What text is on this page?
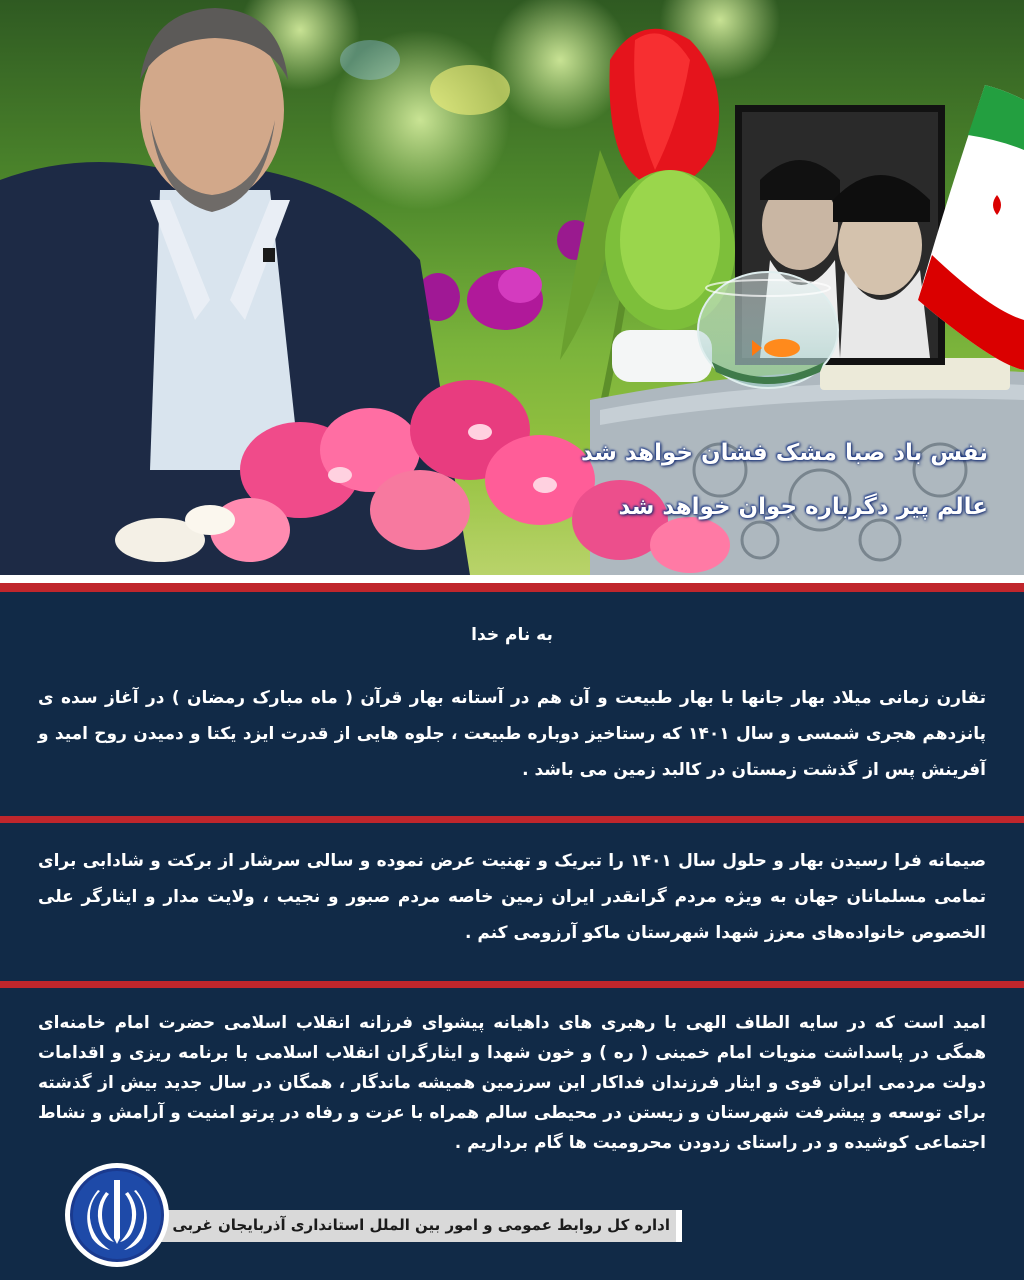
نفس باد صبا مشک فشان خواهد شد
عالم پیر دگرباره جوان خواهد شد
به نام خدا
تقارن زمانی میلاد بهار جانها با بهار طبیعت و آن هم در آستانه بهار قرآن ( ماه مبارک رمضان ) در آغاز سده ی پانزدهم هجری شمسی و سال ۱۴۰۱ که رستاخیز دوباره طبیعت ، جلوه هایی از قدرت ایزد یکتا و دمیدن روح امید و آفرینش پس از گذشت زمستان در کالبد زمین می باشد .
صیمانه فرا رسیدن بهار و حلول سال ۱۴۰۱ را تبریک و تهنیت عرض نموده و سالی سرشار از برکت و شادابی برای تمامی مسلمانان جهان به ویژه مردم گرانقدر ایران زمین خاصه مردم صبور و نجیب ، ولایت مدار و ایثارگر علی الخصوص خانواده‌های معزز شهدا شهرستان ماکو آرزومی کنم .
امید است که در سایه الطاف الهی با رهبری های داهیانه پیشوای فرزانه انقلاب اسلامی حضرت امام خامنه‌ای همگی در پاسداشت منویات امام خمینی ( ره ) و خون شهدا و ایثارگران انقلاب اسلامی با برنامه ریزی و اقدامات دولت مردمی ایران قوی و ایثار فرزندان فداکار این سرزمین همیشه ماندگار ، همگان در سال جدید بیش از گذشته برای توسعه و پیشرفت شهرستان و زیستن در محیطی سالم همراه با عزت و رفاه در پرتو امنیت و آرامش و نشاط اجتماعی کوشیده و در راستای زدودن محرومیت ها گام برداریم .
اداره کل روابط عمومی و امور بین الملل استانداری آذربایجان غربی
